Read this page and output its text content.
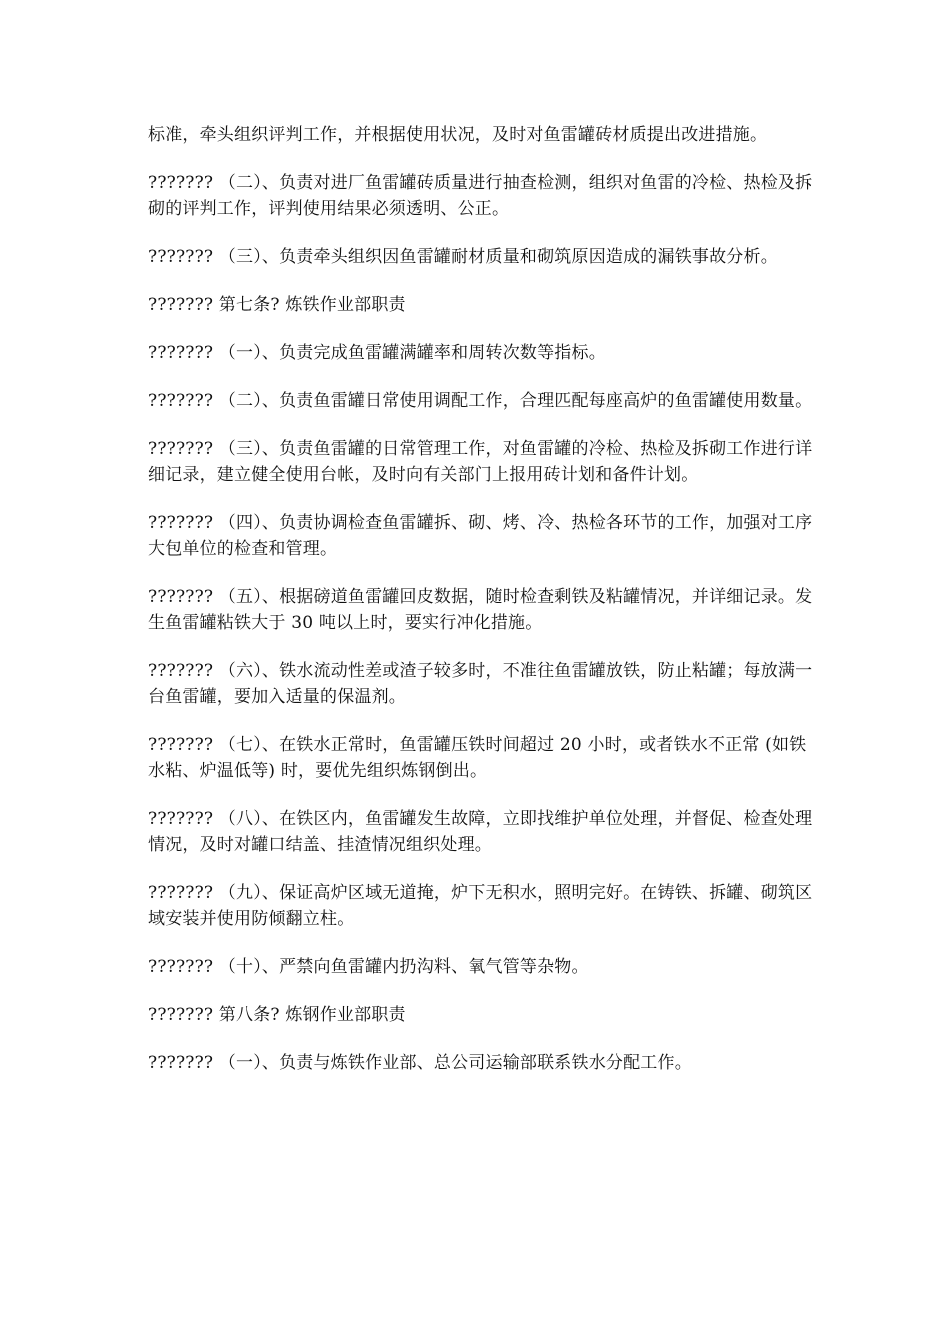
标准，牵头组织评判工作，并根据使用状况，及时对鱼雷罐砖材质提出改进措施。

??????? （二）、负责对进厂鱼雷罐砖质量进行抽查检测，组织对鱼雷的冷检、热检及拆砌的评判工作，评判使用结果必须透明、公正。

??????? （三）、负责牵头组织因鱼雷罐耐材质量和砌筑原因造成的漏铁事故分析。

??????? 第七条? 炼铁作业部职责

??????? （一）、负责完成鱼雷罐满罐率和周转次数等指标。

??????? （二）、负责鱼雷罐日常使用调配工作，合理匹配每座高炉的鱼雷罐使用数量。

??????? （三）、负责鱼雷罐的日常管理工作，对鱼雷罐的冷检、热检及拆砌工作进行详细记录，建立健全使用台帐，及时向有关部门上报用砖计划和备件计划。

??????? （四）、负责协调检查鱼雷罐拆、砌、烤、冷、热检各环节的工作，加强对工序大包单位的检查和管理。

??????? （五）、根据磅道鱼雷罐回皮数据，随时检查剩铁及粘罐情况，并详细记录。发生鱼雷罐粘铁大于 30 吨以上时，要实行冲化措施。

??????? （六）、铁水流动性差或渣子较多时，不准往鱼雷罐放铁，防止粘罐；每放满一台鱼雷罐，要加入适量的保温剂。

??????? （七）、在铁水正常时，鱼雷罐压铁时间超过 20 小时，或者铁水不正常 (如铁水粘、炉温低等) 时，要优先组织炼钢倒出。

??????? （八）、在铁区内，鱼雷罐发生故障，立即找维护单位处理，并督促、检查处理情况，及时对罐口结盖、挂渣情况组织处理。

??????? （九）、保证高炉区域无道掩，炉下无积水，照明完好。在铸铁、拆罐、砌筑区域安装并使用防倾翻立柱。

??????? （十）、严禁向鱼雷罐内扔沟料、氧气管等杂物。

??????? 第八条? 炼钢作业部职责

??????? （一）、负责与炼铁作业部、总公司运输部联系铁水分配工作。
